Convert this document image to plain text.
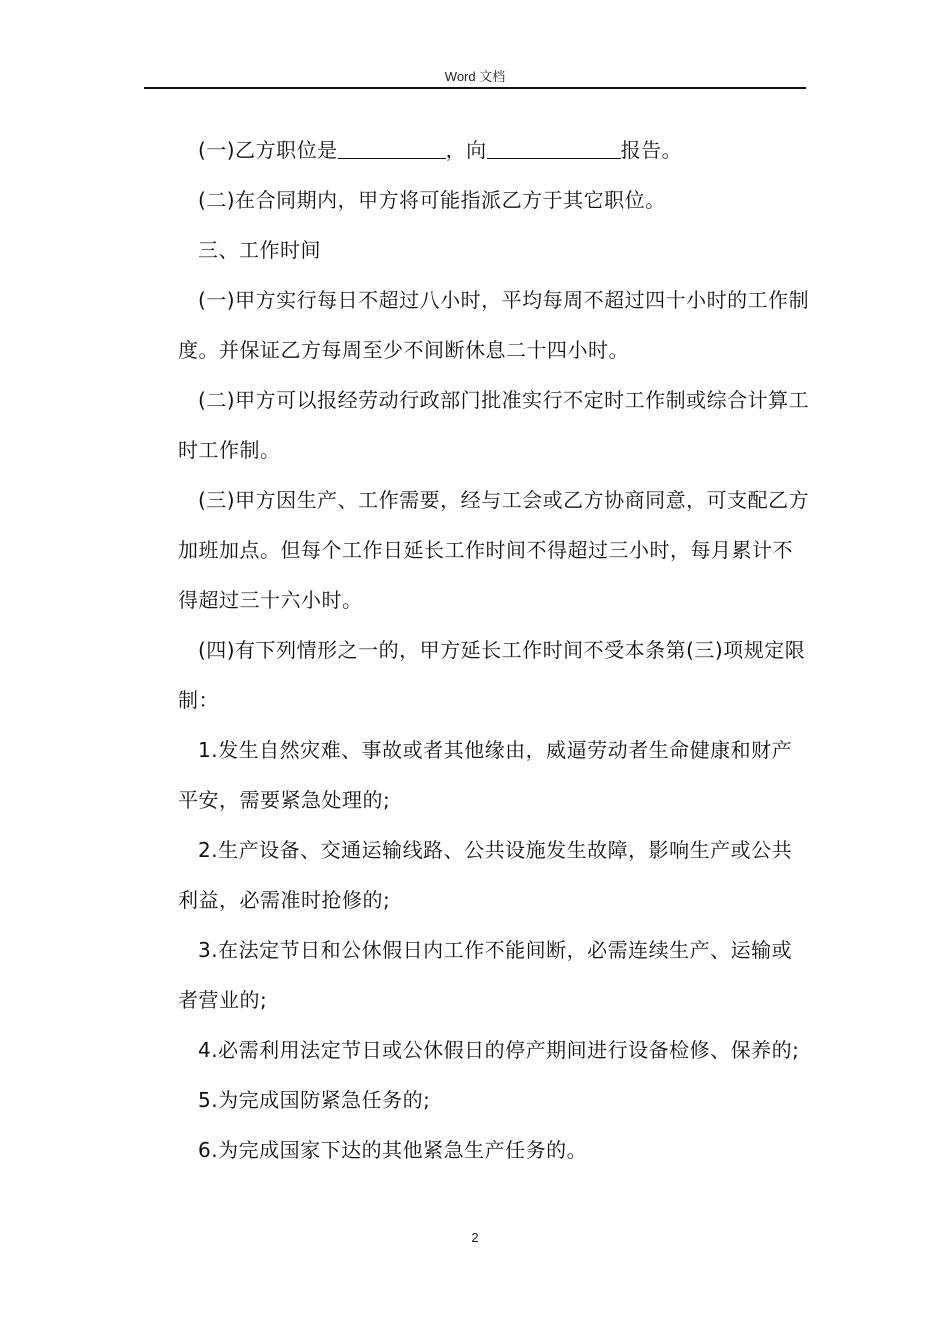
Word 文档

(一)乙方职位是	，向	报告。

(二)在合同期内，甲方将可能指派乙方于其它职位。

三、工作时间

(一)甲方实行每日不超过八小时，平均每周不超过四十小时的工作制度。并保证乙方每周至少不间断休息二十四小时。

(二)甲方可以报经劳动行政部门批准实行不定时工作制或综合计算工时工作制。

(三)甲方因生产、工作需要，经与工会或乙方协商同意，可支配乙方加班加点。但每个工作日延长工作时间不得超过三小时，每月累计不得超过三十六小时。

(四)有下列情形之一的，甲方延长工作时间不受本条第(三)项规定限制：

1.发生自然灾难、事故或者其他缘由，威逼劳动者生命健康和财产平安，需要紧急处理的;

2.生产设备、交通运输线路、公共设施发生故障，影响生产或公共利益，必需准时抢修的;

3.在法定节日和公休假日内工作不能间断，必需连续生产、运输或者营业的;

4.必需利用法定节日或公休假日的停产期间进行设备检修、保养的;

5.为完成国防紧急任务的;

6.为完成国家下达的其他紧急生产任务的。

2
